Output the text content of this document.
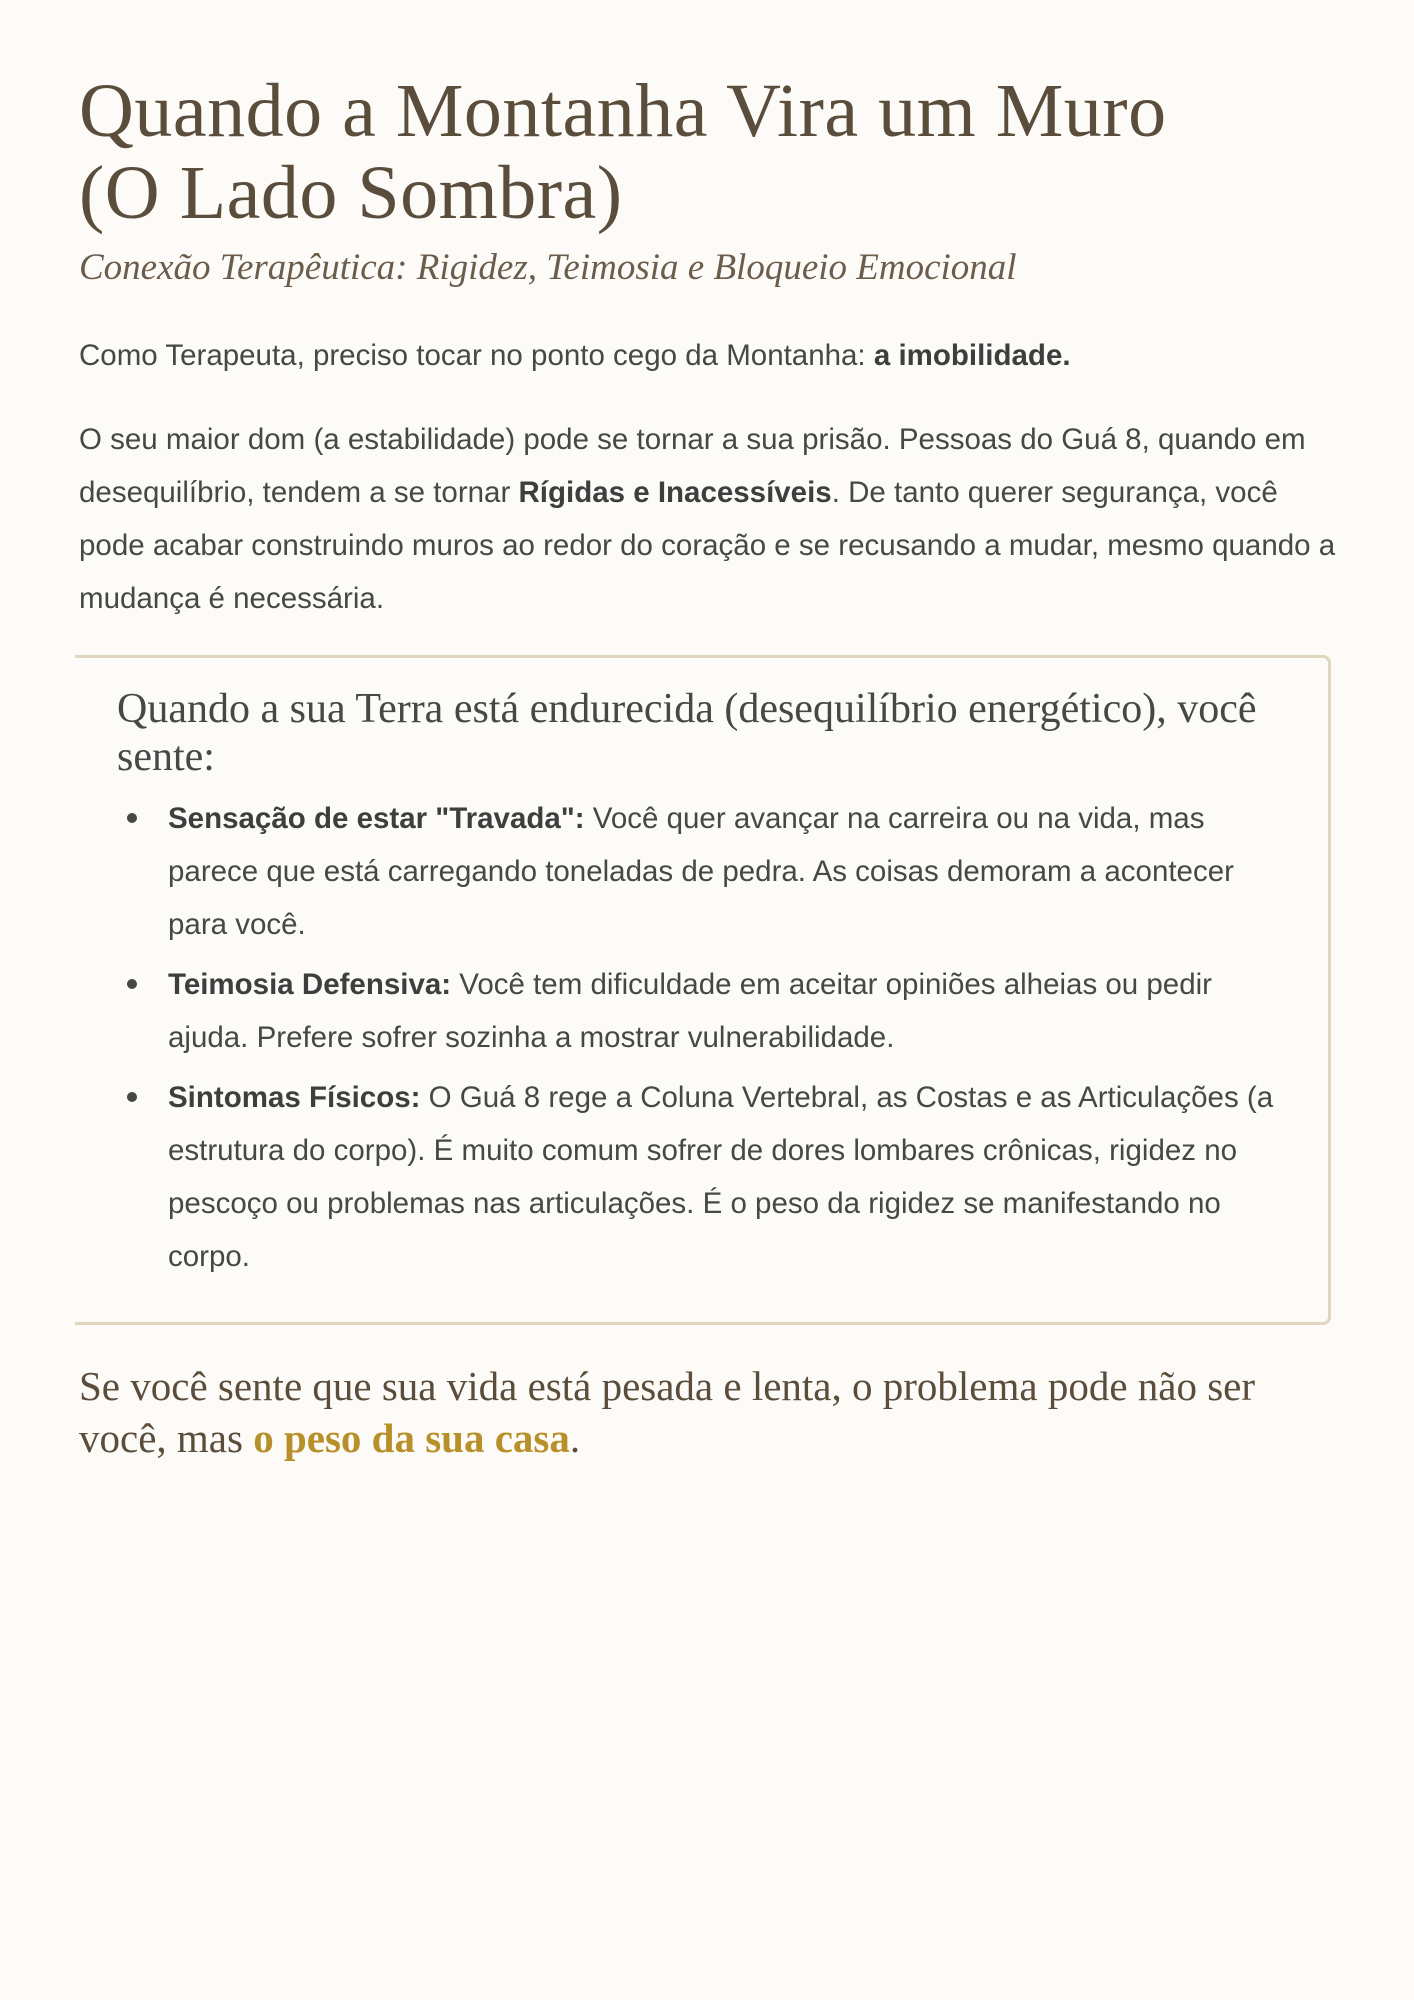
Quando a Montanha Vira um Muro
(O Lado Sombra)

Conexão Terapêutica: Rigidez, Teimosia e Bloqueio Emocional

Como Terapeuta, preciso tocar no ponto cego da Montanha: a imobilidade.

O seu maior dom (a estabilidade) pode se tornar a sua prisão. Pessoas do Guá 8, quando em desequilíbrio, tendem a se tornar Rígidas e Inacessíveis. De tanto querer segurança, você pode acabar construindo muros ao redor do coração e se recusando a mudar, mesmo quando a mudança é necessária.

Quando a sua Terra está endurecida (desequilíbrio energético), você sente:
Sensação de estar "Travada": Você quer avançar na carreira ou na vida, mas parece que está carregando toneladas de pedra. As coisas demoram a acontecer para você.
Teimosia Defensiva: Você tem dificuldade em aceitar opiniões alheias ou pedir ajuda. Prefere sofrer sozinha a mostrar vulnerabilidade.
Sintomas Físicos: O Guá 8 rege a Coluna Vertebral, as Costas e as Articulações (a estrutura do corpo). É muito comum sofrer de dores lombares crônicas, rigidez no pescoço ou problemas nas articulações. É o peso da rigidez se manifestando no corpo.

Se você sente que sua vida está pesada e lenta, o problema pode não ser você, mas o peso da sua casa.
